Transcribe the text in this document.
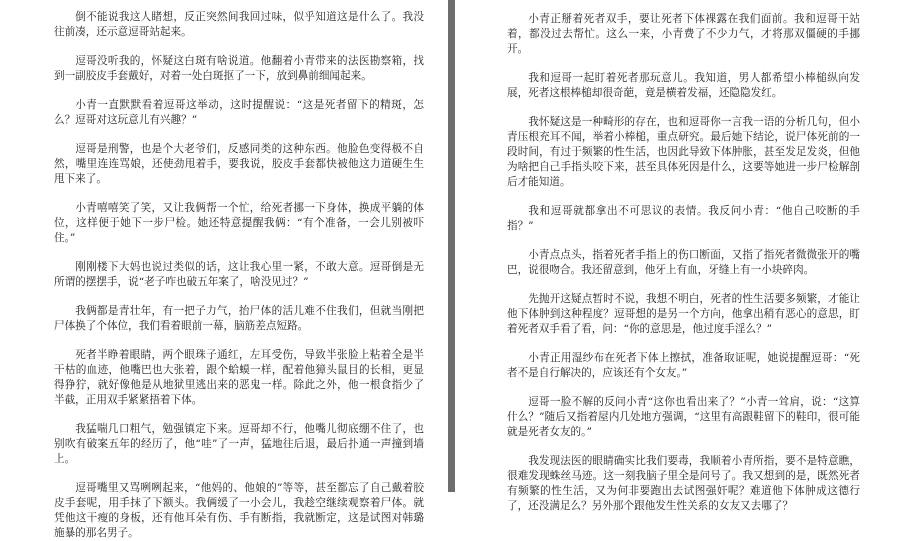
倒不能说我这人睹想，反正突然间我回过味，似乎知道这是什么了。我没往前凑，还示意逗哥站起来。

逗哥没听我的，怀疑这白斑有啥说道。他翻着小青带来的法医勘察箱，找到一副胶皮手套戴好，对着一处白斑抠了一下，放到鼻前细闻起来。

小青一直默默看着逗哥这举动，这时提醒说：“这是死者留下的精斑，怎么？逗哥对这玩意儿有兴趣？”

逗哥是刑警，也是个大老爷们，反感同类的这种东西。他脸色变得极不自然，嘴里连连骂娘，还使劲甩着手，要我说，胶皮手套都快被他这力道硬生生甩下来了。

小青嘻嘻笑了笑，又让我俩帮一个忙，给死者挪一下身体，换成平躺的体位，这样便于她下一步尸检。她还特意提醒我俩：“有个准备，一会儿别被吓住。”

刚刚楼下大妈也说过类似的话，这让我心里一紧，不敢大意。逗哥倒是无所谓的摆摆手，说“老子咋也破五年案了，啥没见过？”

我俩都是青壮年，有一把子力气，抬尸体的活儿难不住我们，但就当刚把尸体换了个体位，我们看着眼前一幕，脑筋差点短路。

死者半睁着眼睛，两个眼珠子通红，左耳受伤，导致半张脸上粘着全是半干枯的血迹，他嘴巴也大张着，跟个蛤蟆一样，配着他獐头鼠目的长相，更显得狰狞，就好像他是从地狱里逃出来的恶鬼一样。除此之外，他一根食指少了半截，正用双手紧紧捂着下体。

我猛喘几口粗气，勉强镇定下来。逗哥却不行，他嘴儿彻底绷不住了，也别吹有破案五年的经历了，他“哇”了一声，猛地往后退，最后扑通一声撞到墙上。

逗哥嘴里又骂咧咧起来，“他妈的、他娘的”等等，甚至都忘了自己戴着胶皮手套呢，用手抹了下额头。我俩缓了一小会儿，我趁空继续观察着尸体。就凭他这干瘦的身板，还有他耳朵有伤、手有断指，我就断定，这是试图对韩璐施暴的那名男子。

小青正掰着死者双手，要让死者下体裸露在我们面前。我和逗哥干站着，都没过去帮忙。这么一来，小青费了不少力气，才将那双僵硬的手挪开。

我和逗哥一起盯着死者那玩意儿。我知道，男人都希望小棒槌纵向发展，死者这根棒槌却很奇葩，竟是横着发福，还隐隐发红。

我怀疑这是一种畸形的存在，也和逗哥你一言我一语的分析几句，但小青压根充耳不闻，举着小棒槌，重点研究。最后她下结论，说尸体死前的一段时间，有过于频繁的性生活，也因此导致下体肿胀，甚至发足发炎，但他为啥把自己手指头咬下来，甚至具体死因是什么，这要等她进一步尸检解剖后才能知道。

我和逗哥就都拿出不可思议的表情。我反问小青：“他自己咬断的手指？”

小青点点头，指着死者手指上的伤口断面，又指了指死者微微张开的嘴巴，说很吻合。我还留意到，他牙上有血，牙缝上有一小块碎肉。

先抛开这疑点暂时不说，我想不明白，死者的性生活要多频繁，才能让他下体肿到这种程度？逗哥想的是另一个方向，他拿出稍有恶心的意思，盯着死者双手看了看，问：“你的意思是，他过度手淫么？”

小青正用湿纱布在死者下体上擦拭，准备取证呢，她说提醒逗哥：“死者不是自行解决的，应该还有个女友。”

逗哥一脸不解的反问小青“这你也看出来了？”小青一耸肩，说：“这算什么？”随后又指着屋内几处地方强调，“这里有高跟鞋留下的鞋印，很可能就是死者女友的。”

我发现法医的眼睛确实比我们要毒，我顺着小青所指，要不是特意瞧，很难发现蛛丝马迹。这一刻我脑子里全是问号了。我又想到的是，既然死者有频繁的性生活，又为何非要跑出去试图强奸呢？难道他下体肿成这德行了，还没满足么？另外那个跟他发生性关系的女友又去哪了？
